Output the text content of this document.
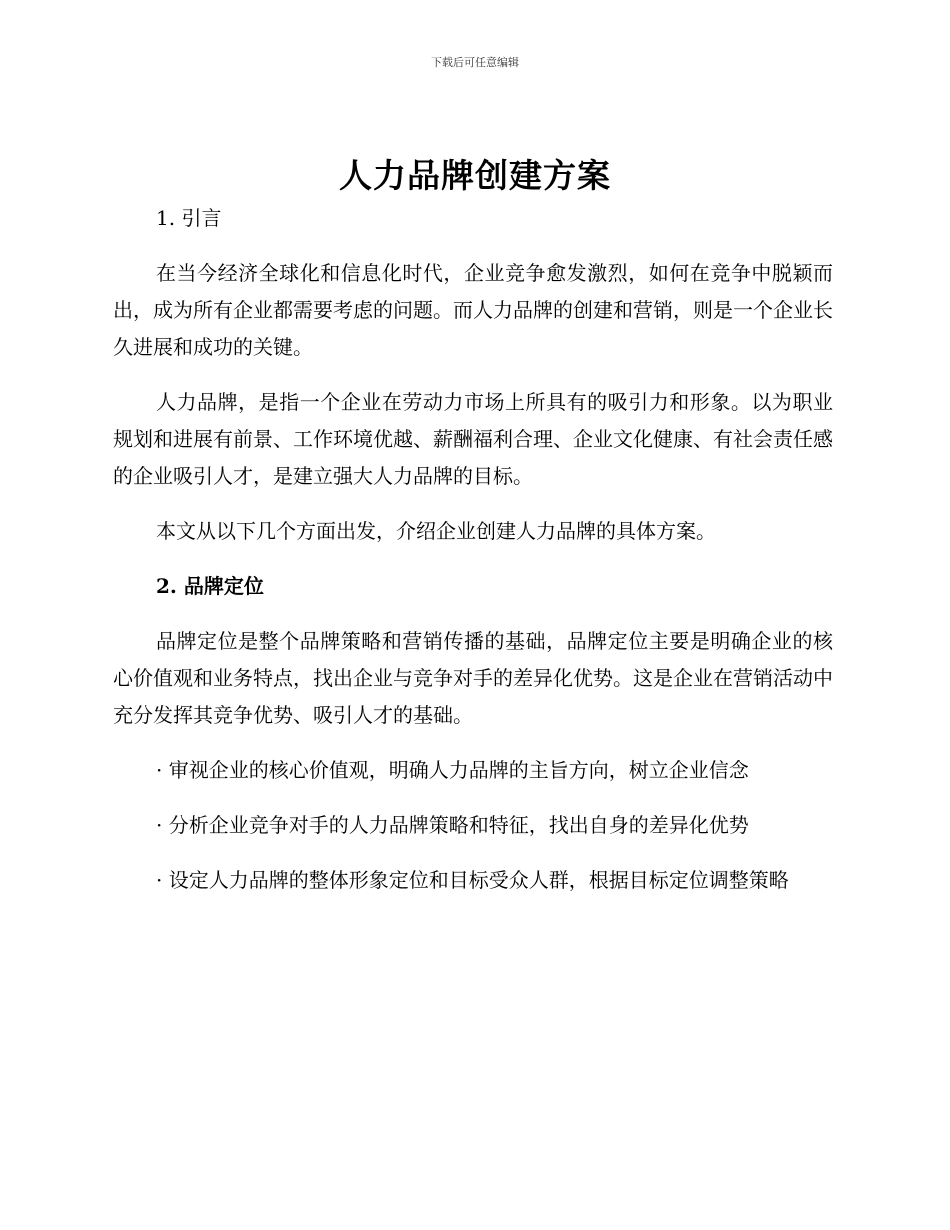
下载后可任意编辑
人力品牌创建方案

1. 引言

在当今经济全球化和信息化时代，企业竞争愈发激烈，如何在竞争中脱颖而出，成为所有企业都需要考虑的问题。而人力品牌的创建和营销，则是一个企业长久进展和成功的关键。

人力品牌，是指一个企业在劳动力市场上所具有的吸引力和形象。以为职业规划和进展有前景、工作环境优越、薪酬福利合理、企业文化健康、有社会责任感的企业吸引人才，是建立强大人力品牌的目标。

本文从以下几个方面出发，介绍企业创建人力品牌的具体方案。

2. 品牌定位

品牌定位是整个品牌策略和营销传播的基础，品牌定位主要是明确企业的核心价值观和业务特点，找出企业与竞争对手的差异化优势。这是企业在营销活动中充分发挥其竞争优势、吸引人才的基础。

· 审视企业的核心价值观，明确人力品牌的主旨方向，树立企业信念

· 分析企业竞争对手的人力品牌策略和特征，找出自身的差异化优势

· 设定人力品牌的整体形象定位和目标受众人群，根据目标定位调整策略
